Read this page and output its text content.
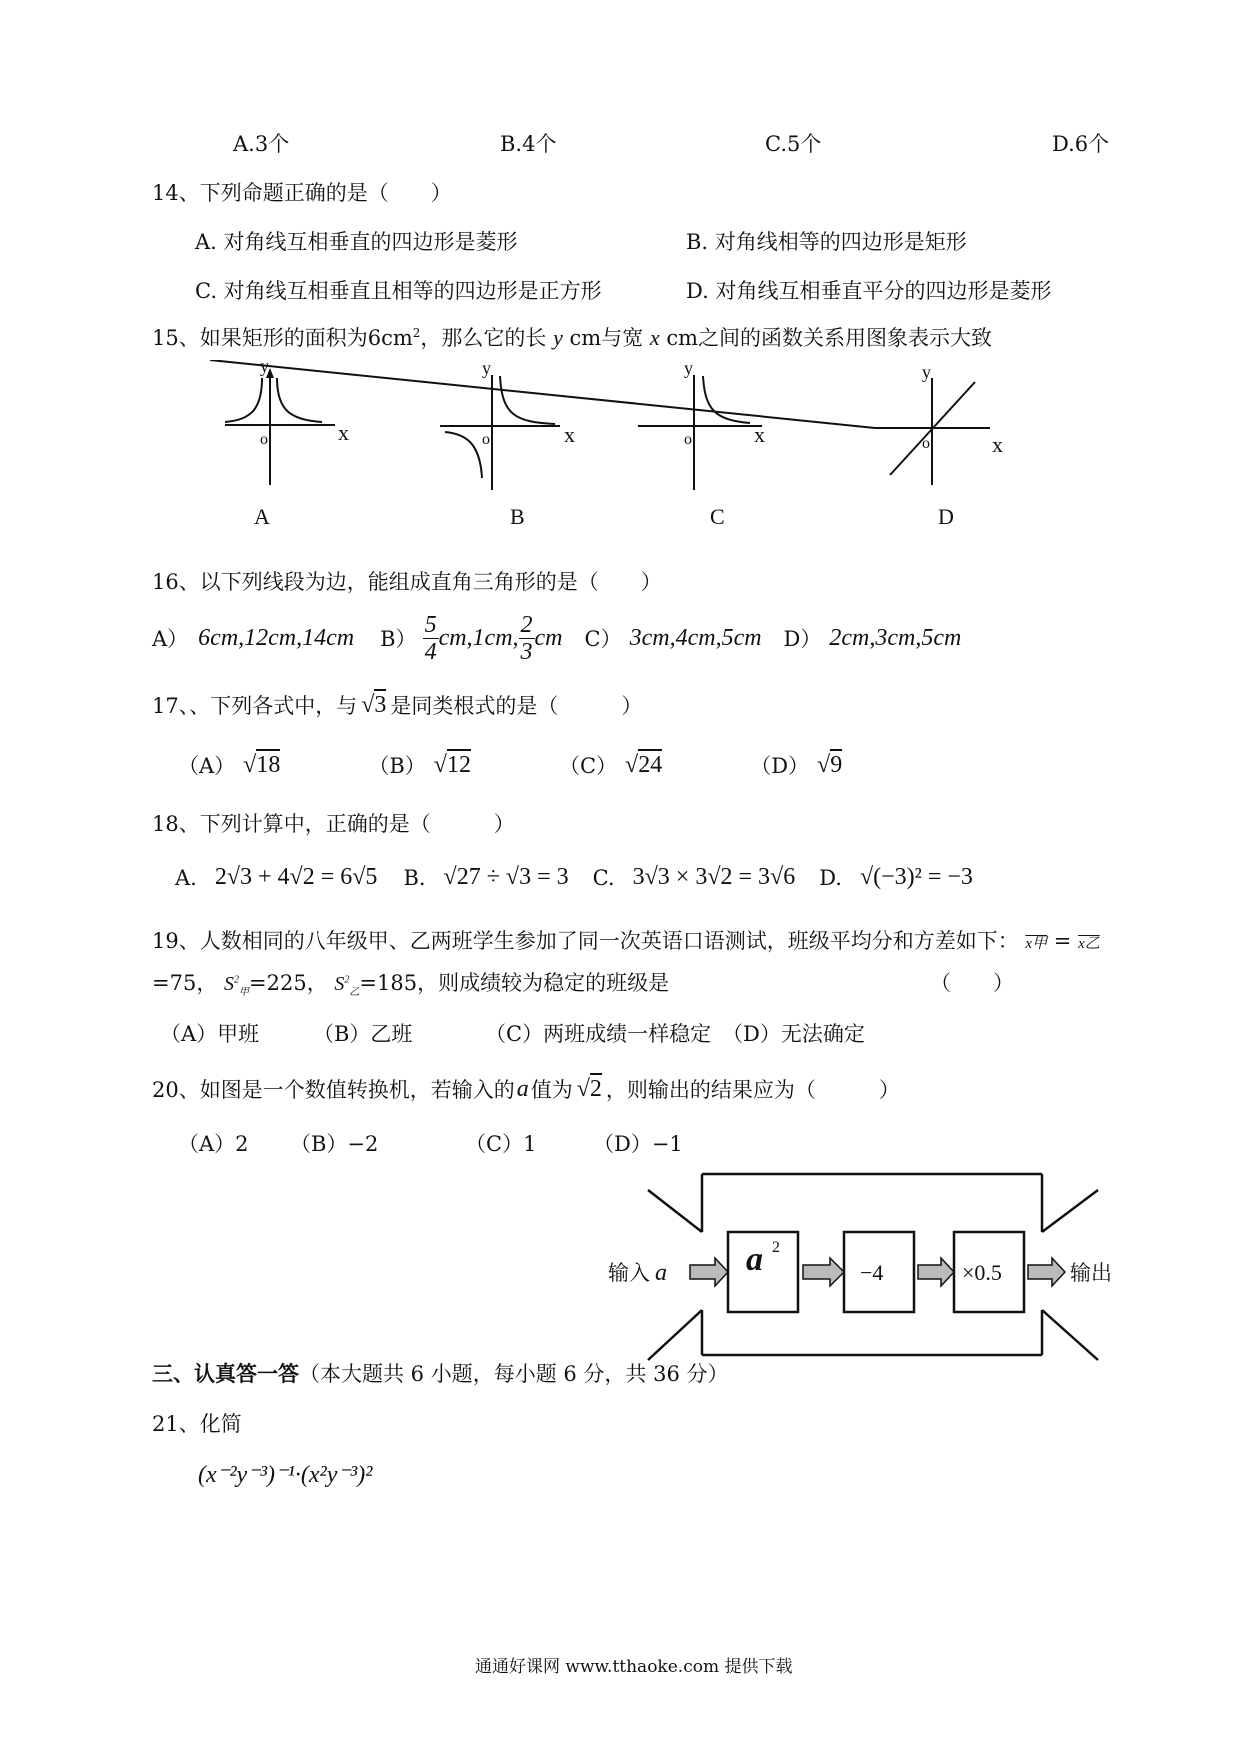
A.3个	B.4个	C.5个	D.6个
14、下列命题正确的是（　　）
A. 对角线互相垂直的四边形是菱形	B. 对角线相等的四边形是矩形
C. 对角线互相垂直且相等的四边形是正方形	D. 对角线互相垂直平分的四边形是菱形
15、如果矩形的面积为$6cm^2$，那么它的长 y cm与宽 x cm之间的函数关系用图象表示大致
y
o	x
A
y
o	x
B
y
o	x
C
y
o	x
D
16、以下列线段为边，能组成直角三角形的是（　　）
A） 6cm,12cm,14cm $B) \frac{5}{4} cm,1cm$, $\frac{2}{3}$ cm C） 3cm,4cm,5cm D） 2cm,3cm,5cm
17、、下列各式中，与 √3 是同类根式的是（　　　）
（A） √18	（B） √12	（C） √24	（D） √9
18、下列计算中，正确的是（　　　）
A. 2√3 + 4√2 = 6√5 B. √27 ÷ √3 = 3 C. 3√3 × 3√2 = 3√6 D. √(−3)² = −3
19、人数相同的八年级甲、乙两班学生参加了同一次英语口语测试，班级平均分和方差如下： x甲 = x乙
=75， $S^2_甲=225$， $S^2_乙=185$，则成绩较为稳定的班级是	（　　）
（A）甲班	（B）乙班	（C）两班成绩一样稳定 （D）无法确定
20、如图是一个数值转换机，若输入的 a 值为 √2 ，则输出的结果应为（　　　）
（A）2 （B）−2	（C）1	（D）−1
输入 a a 2
−4	×0.5	输出
三、认真答一答（本大题共 6 小题，每小题 6 分，共 36 分）
21、化简
(x⁻²y⁻³)⁻¹·(x²y⁻³)²
通通好课网 www.tthaoke.com 提供下载
